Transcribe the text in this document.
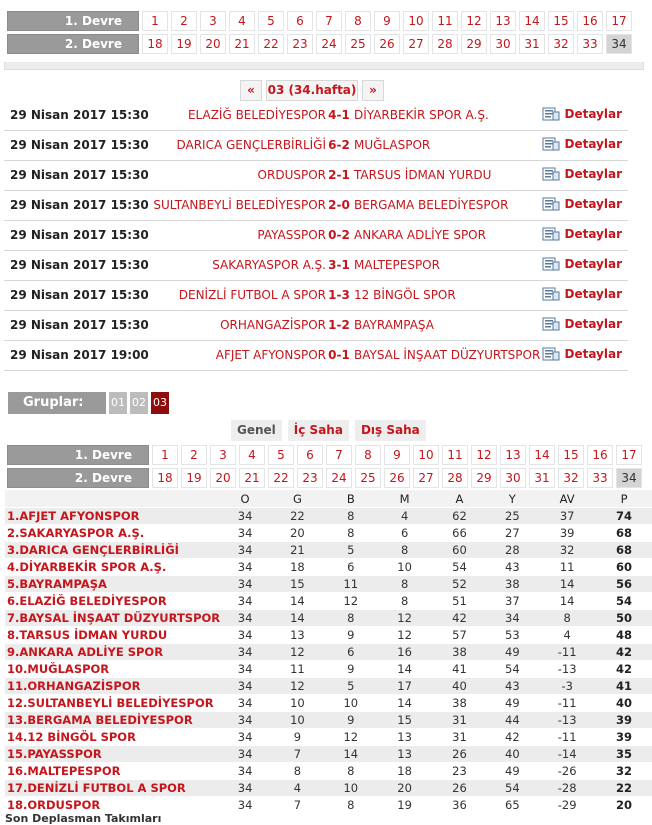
1. Devre	1	2	3	4	5	6	7	8	9	10	11	12	13	14	15	16	17
2. Devre	18	19	20	21	22	23	24	25	26	27	28	29	30	31	32	33	34
«	03 (34.hafta)	»
29 Nisan 2017 15:30	ELAZİĞ BELEDİYESPOR 4-1 DİYARBEKİR SPOR A.Ş.	Detaylar
29 Nisan 2017 15:30 DARICA GENÇLERBİRLİĞİ 6-2 MUĞLASPOR	Detaylar
29 Nisan 2017 15:30	ORDUSPOR 2-1 TARSUS İDMAN YURDU	Detaylar
29 Nisan 2017 15:30 SULTANBEYLİ BELEDİYESPOR 2-0 BERGAMA BELEDİYESPOR	Detaylar
29 Nisan 2017 15:30	PAYASSPOR 0-2 ANKARA ADLİYE SPOR	Detaylar
29 Nisan 2017 15:30	SAKARYASPOR A.Ş. 3-1 MALTEPESPOR	Detaylar
29 Nisan 2017 15:30 DENİZLİ FUTBOL A SPOR 1-3 12 BİNGÖL SPOR	Detaylar
29 Nisan 2017 15:30	ORHANGAZİSPOR 1-2 BAYRAMPAŞA	Detaylar
29 Nisan 2017 19:00	AFJET AFYONSPOR 0-1 BAYSAL İNŞAAT DÜZYURTSPOR Detaylar
Gruplar:	01 02 03
Genel	İç Saha	Dış Saha
1. Devre	1	2	3	4	5	6	7	8	9	10	11	12	13	14	15	16	17
2. Devre	18	19	20	21	22	23	24	25	26	27	28	29	30	31	32	33	34
	O	G	B	M	A	Y	AV	P
1.AFJET AFYONSPOR	34	22	8	4	62	25	37	74
2.SAKARYASPOR A.Ş.	34	20	8	6	66	27	39	68
3.DARICA GENÇLERBİRLİĞİ	34	21	5	8	60	28	32	68
4.DİYARBEKİR SPOR A.Ş.	34	18	6	10	54	43	11	60
5.BAYRAMPAŞA	34	15	11	8	52	38	14	56
6.ELAZİĞ BELEDİYESPOR	34	14	12	8	51	37	14	54
7.BAYSAL İNŞAAT DÜZYURTSPOR	34	14	8	12	42	34	8	50
8.TARSUS İDMAN YURDU	34	13	9	12	57	53	4	48
9.ANKARA ADLİYE SPOR	34	12	6	16	38	49	-11	42
10.MUĞLASPOR	34	11	9	14	41	54	-13	42
11.ORHANGAZİSPOR	34	12	5	17	40	43	-3	41
12.SULTANBEYLİ BELEDİYESPOR	34	10	10	14	38	49	-11	40
13.BERGAMA BELEDİYESPOR	34	10	9	15	31	44	-13	39
14.12 BİNGÖL SPOR	34	9	12	13	31	42	-11	39
15.PAYASSPOR	34	7	14	13	26	40	-14	35
16.MALTEPESPOR	34	8	8	18	23	49	-26	32
17.DENİZLİ FUTBOL A SPOR	34	4	10	20	26	54	-28	22
18.ORDUSPOR	34	7	8	19	36	65	-29	20
Son Deplasman Takımları
